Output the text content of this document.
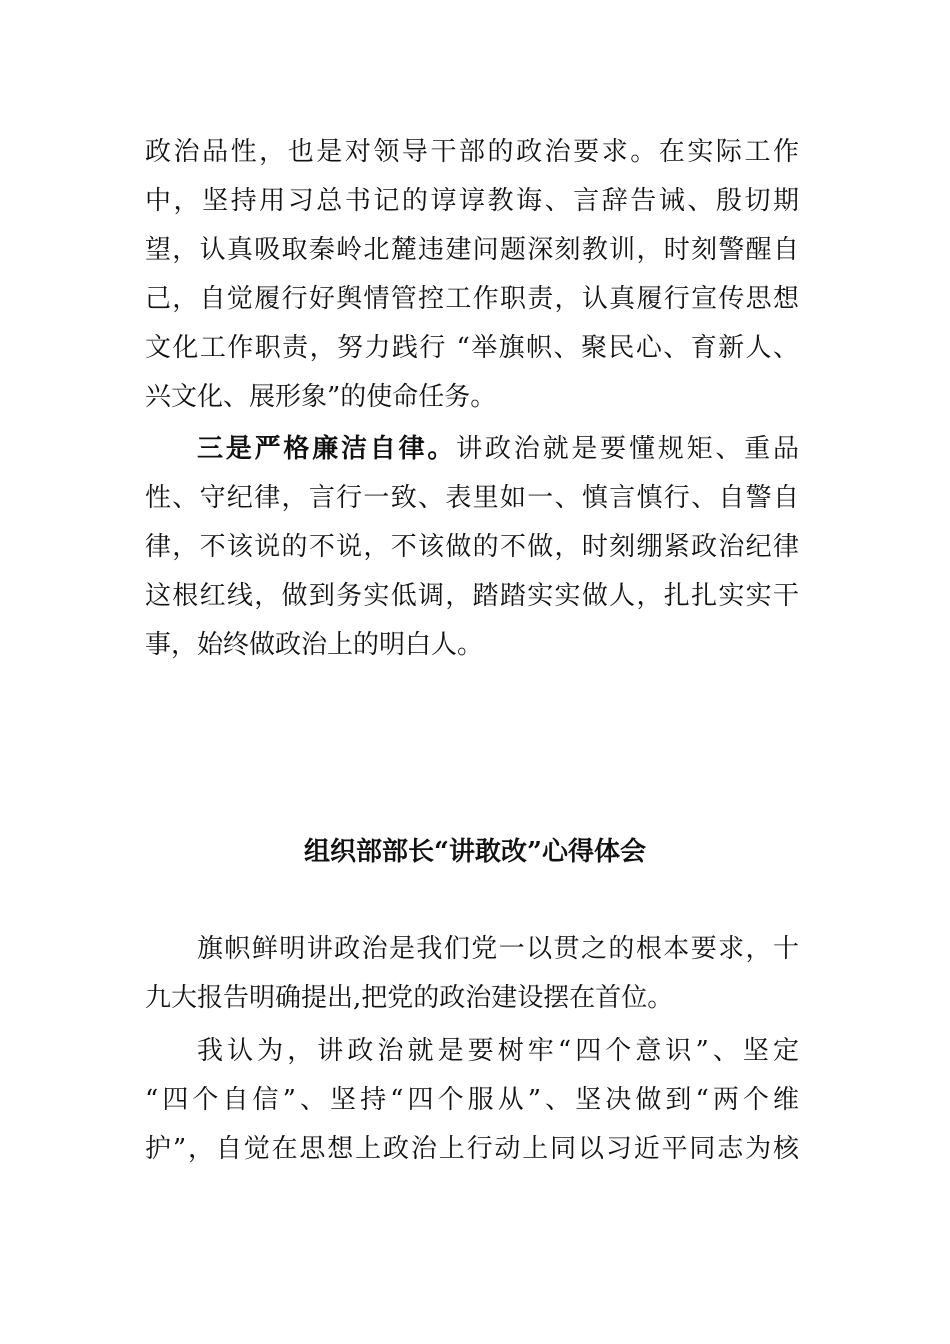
政治品性，也是对领导干部的政治要求。在实际工作
中，坚持用习总书记的谆谆教诲、言辞告诫、殷切期
望，认真吸取秦岭北麓违建问题深刻教训，时刻警醒自
己，自觉履行好舆情管控工作职责，认真履行宣传思想
文化工作职责，努力践行 “举旗帜、聚民心、育新人、
兴文化、展形象”的使命任务。
三是严格廉洁自律。讲政治就是要懂规矩、重品
性、守纪律，言行一致、表里如一、慎言慎行、自警自
律，不该说的不说，不该做的不做，时刻绷紧政治纪律
这根红线，做到务实低调，踏踏实实做人，扎扎实实干
事，始终做政治上的明白人。
组织部部长“讲敢改”心得体会
旗帜鲜明讲政治是我们党一以贯之的根本要求，十
九大报告明确提出,把党的政治建设摆在首位。
我认为，讲政治就是要树牢“四个意识”、坚定
“四个自信”、坚持“四个服从”、坚决做到“两个维
护”，自觉在思想上政治上行动上同以习近平同志为核
